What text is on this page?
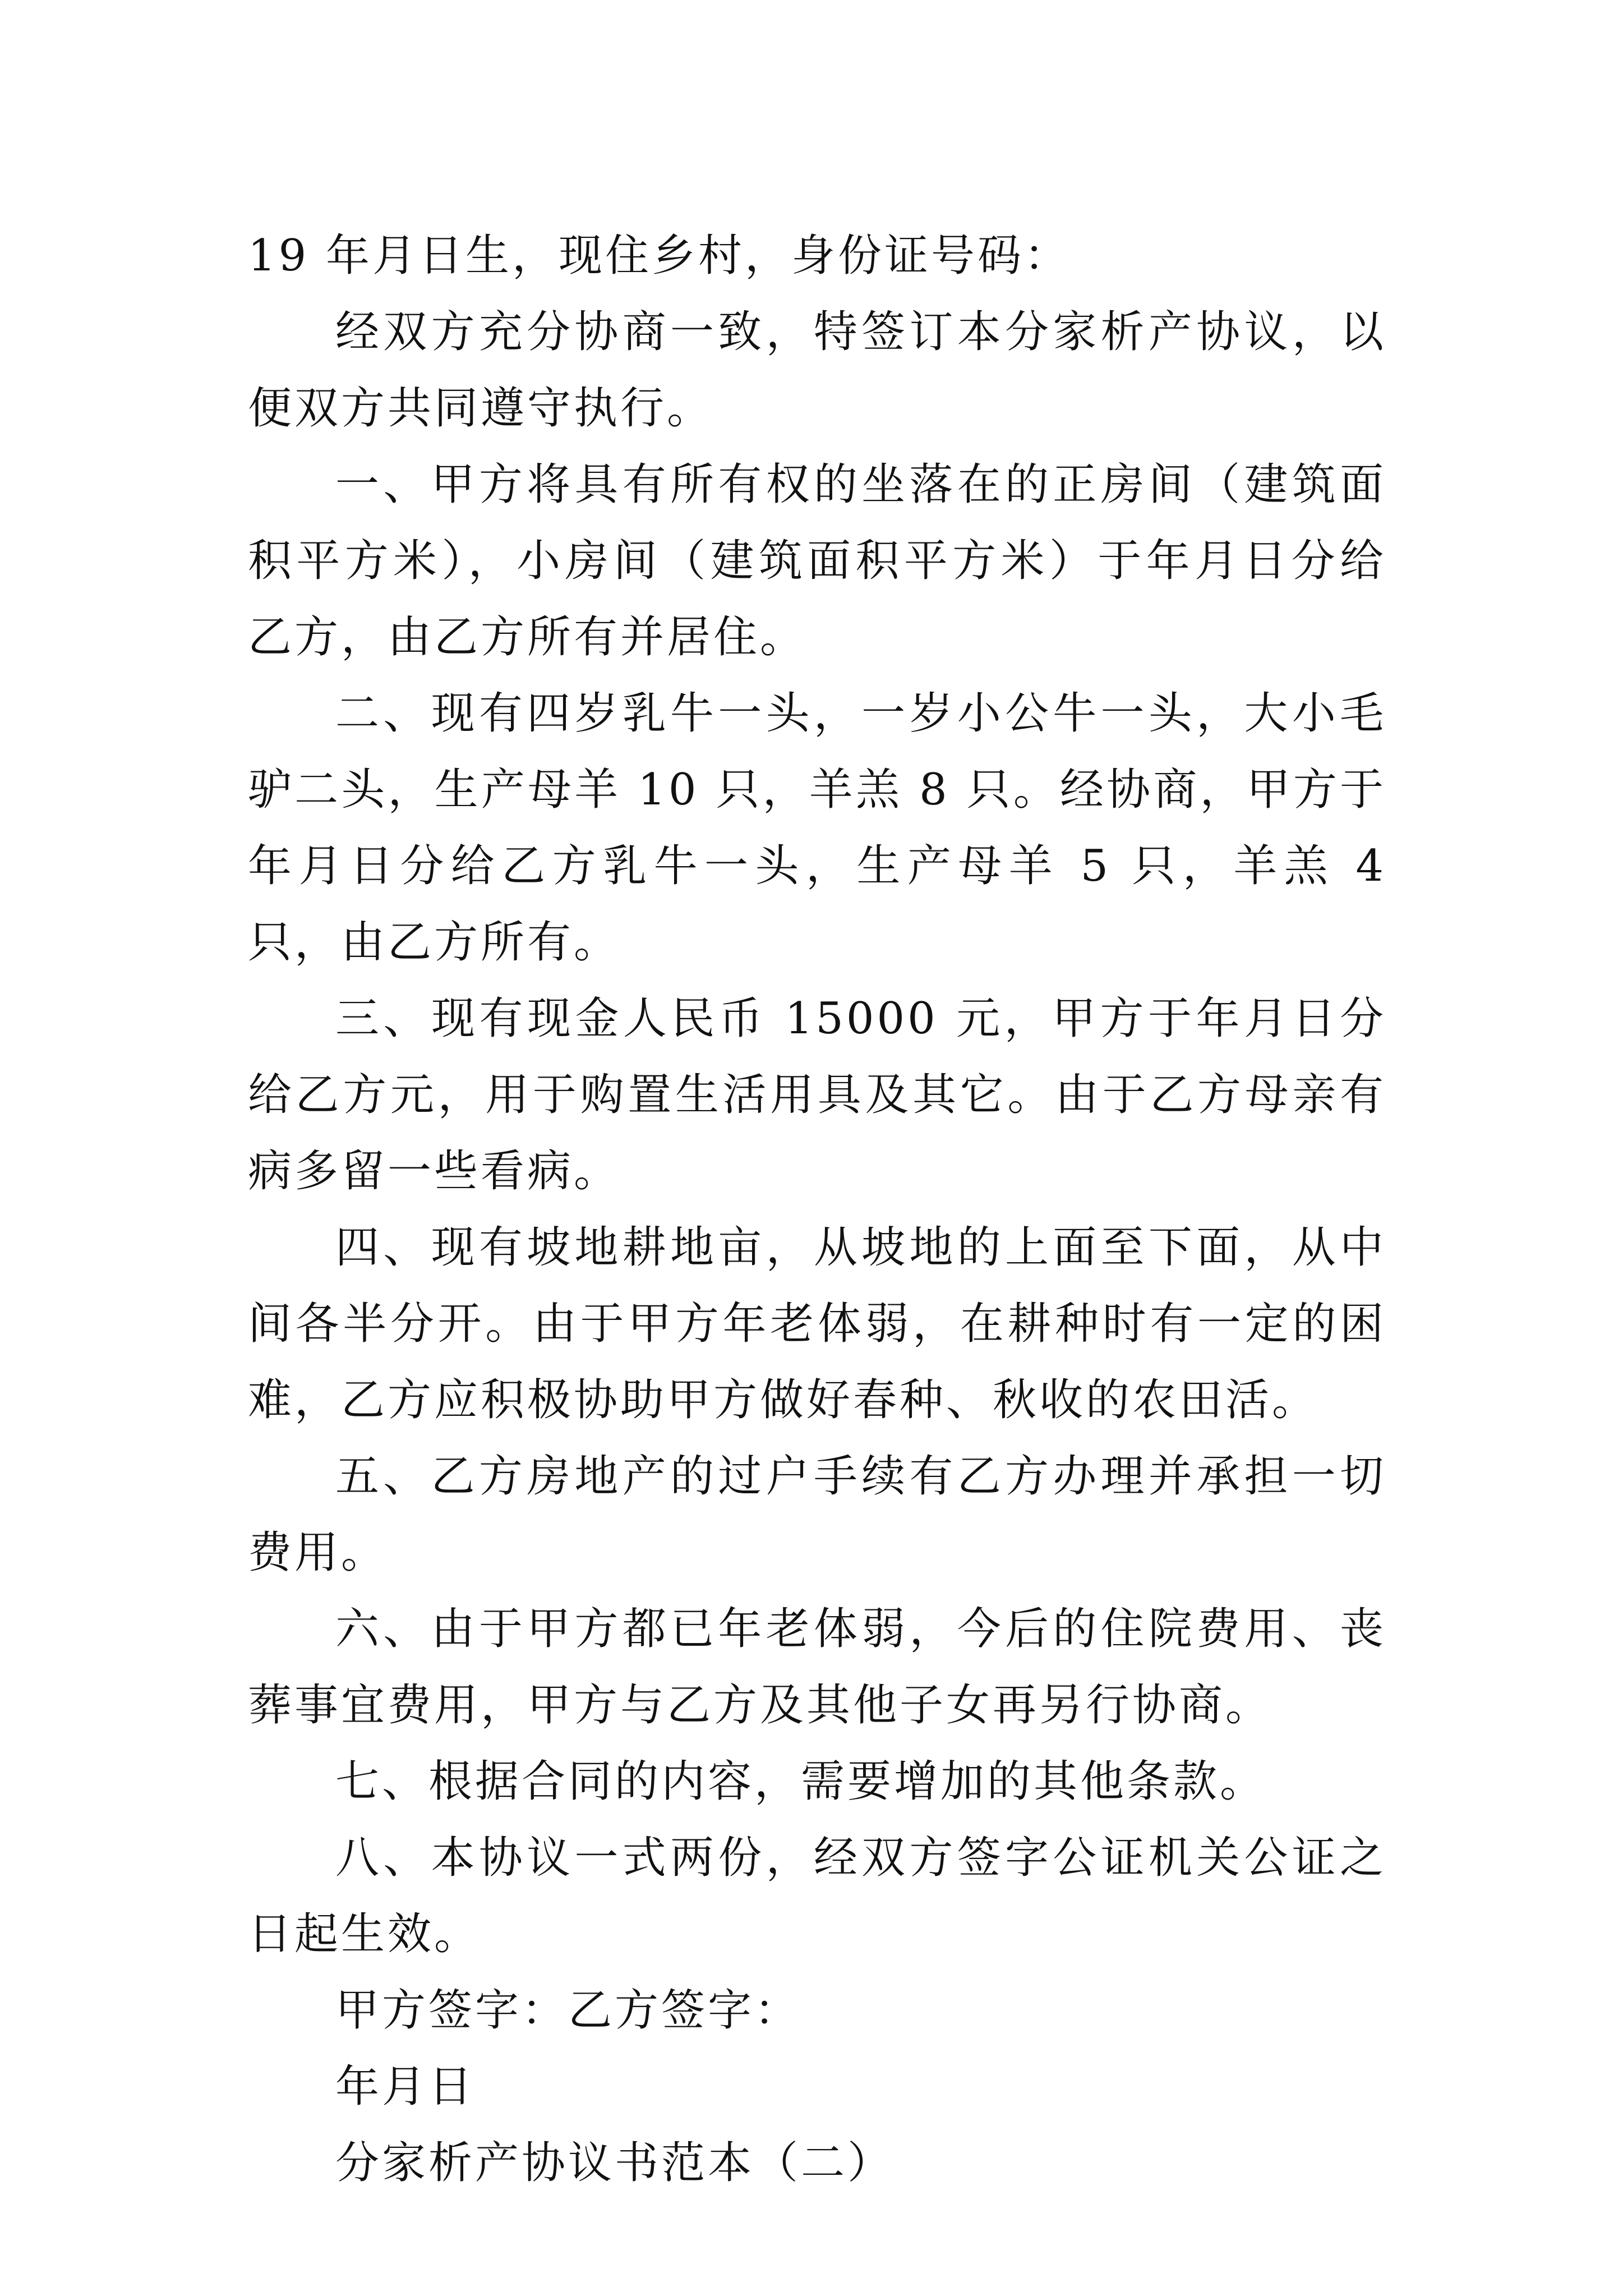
19 年月日生，现住乡村，身份证号码：

经双方充分协商一致，特签订本分家析产协议，以便双方共同遵守执行。

一、甲方将具有所有权的坐落在的正房间（建筑面积平方米），小房间（建筑面积平方米）于年月日分给乙方，由乙方所有并居住。

二、现有四岁乳牛一头，一岁小公牛一头，大小毛驴二头，生产母羊 10 只，羊羔 8 只。经协商，甲方于年月日分给乙方乳牛一头，生产母羊 5 只，羊羔 4 只，由乙方所有。

三、现有现金人民币 15000 元，甲方于年月日分给乙方元，用于购置生活用具及其它。由于乙方母亲有病多留一些看病。

四、现有坡地耕地亩，从坡地的上面至下面，从中间各半分开。由于甲方年老体弱，在耕种时有一定的困难，乙方应积极协助甲方做好春种、秋收的农田活。

五、乙方房地产的过户手续有乙方办理并承担一切费用。

六、由于甲方都已年老体弱，今后的住院费用、丧葬事宜费用，甲方与乙方及其他子女再另行协商。

七、根据合同的内容，需要增加的其他条款。

八、本协议一式两份，经双方签字公证机关公证之日起生效。

甲方签字：乙方签字：

年月日

分家析产协议书范本（二）
